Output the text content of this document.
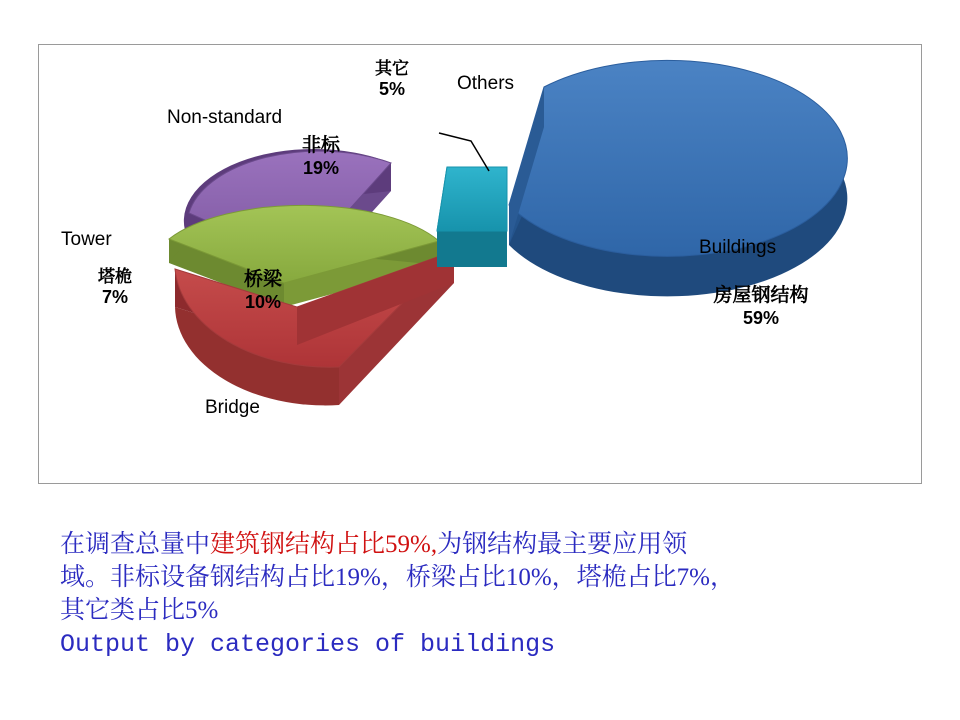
Buildings
房屋钢结构
59%
Non-standard
非标
19%
Tower
塔桅
7%
Bridge
桥梁
10%
Others
其它
5%
在调查总量中建筑钢结构占比59%,为钢结构最主要应用领
域。非标设备钢结构占比19%，桥梁占比10%，塔桅占比7%，
其它类占比5%
Output by categories of buildings
